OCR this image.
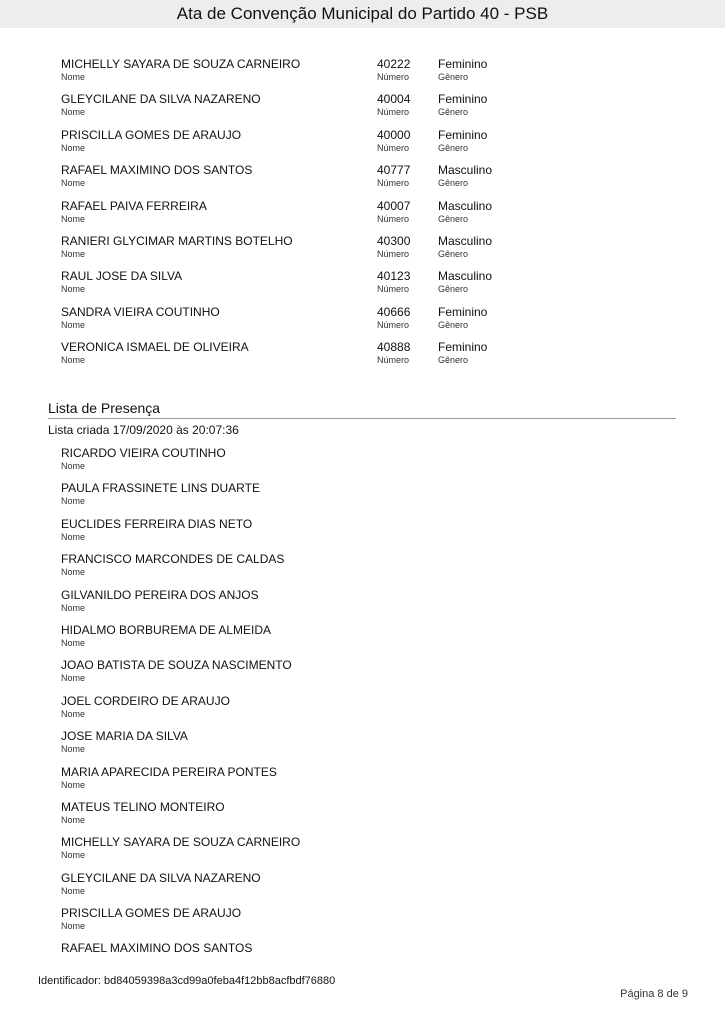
Ata de Convenção Municipal do Partido 40 - PSB
MICHELLY SAYARA DE SOUZA CARNEIRO
Nome
40222
Número
Feminino
Gênero
GLEYCILANE DA SILVA NAZARENO
Nome
40004
Número
Feminino
Gênero
PRISCILLA GOMES DE ARAUJO
Nome
40000
Número
Feminino
Gênero
RAFAEL MAXIMINO DOS SANTOS
Nome
40777
Número
Masculino
Gênero
RAFAEL PAIVA FERREIRA
Nome
40007
Número
Masculino
Gênero
RANIERI GLYCIMAR MARTINS BOTELHO
Nome
40300
Número
Masculino
Gênero
RAUL JOSE DA SILVA
Nome
40123
Número
Masculino
Gênero
SANDRA VIEIRA COUTINHO
Nome
40666
Número
Feminino
Gênero
VERONICA ISMAEL DE OLIVEIRA
Nome
40888
Número
Feminino
Gênero
Lista de Presença
Lista criada 17/09/2020 às 20:07:36
RICARDO VIEIRA COUTINHO
Nome
PAULA FRASSINETE LINS DUARTE
Nome
EUCLIDES FERREIRA DIAS NETO
Nome
FRANCISCO MARCONDES DE CALDAS
Nome
GILVANILDO PEREIRA DOS ANJOS
Nome
HIDALMO BORBUREMA DE ALMEIDA
Nome
JOAO BATISTA DE SOUZA NASCIMENTO
Nome
JOEL CORDEIRO DE ARAUJO
Nome
JOSE MARIA DA SILVA
Nome
MARIA APARECIDA PEREIRA PONTES
Nome
MATEUS TELINO MONTEIRO
Nome
MICHELLY SAYARA DE SOUZA CARNEIRO
Nome
GLEYCILANE DA SILVA NAZARENO
Nome
PRISCILLA GOMES DE ARAUJO
Nome
RAFAEL MAXIMINO DOS SANTOS
Identificador: bd84059398a3cd99a0feba4f12bb8acfbdf76880
Página 8 de 9
